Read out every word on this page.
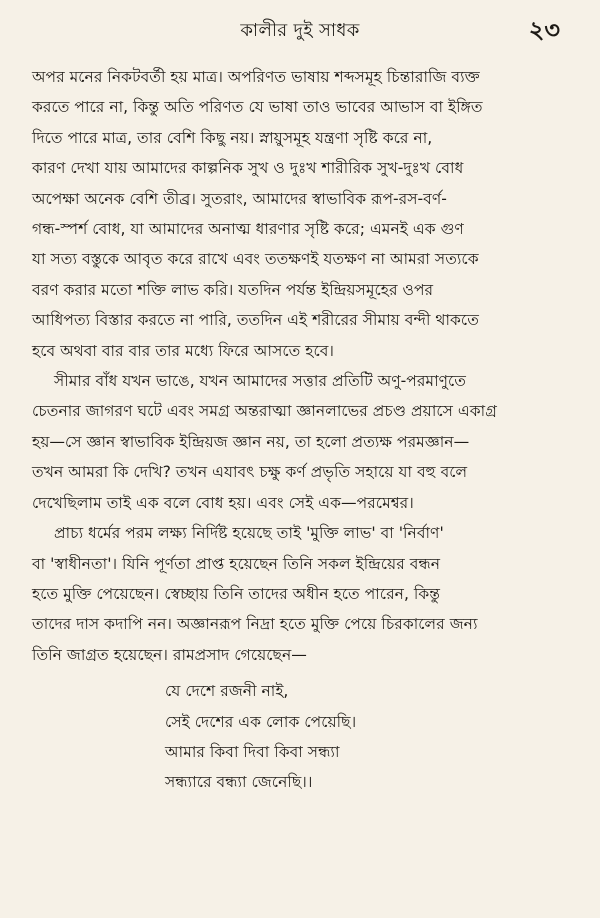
কালীর দুই সাধক	২৩

অপর মনের নিকটবর্তী হয় মাত্র। অপরিণত ভাষায় শব্দসমূহ চিন্তারাজি ব্যক্ত

করতে পারে না, কিন্তু অতি পরিণত যে ভাষা তাও ভাবের আভাস বা ইঙ্গিত

দিতে পারে মাত্র, তার বেশি কিছু নয়। স্নায়ুসমূহ যন্ত্রণা সৃষ্টি করে না,

কারণ দেখা যায় আমাদের কাল্পনিক সুখ ও দুঃখ শারীরিক সুখ-দুঃখ বোধ

অপেক্ষা অনেক বেশি তীব্র। সুতরাং, আমাদের স্বাভাবিক রূপ-রস-বর্ণ-

গন্ধ-স্পর্শ বোধ, যা আমাদের অনাত্ম ধারণার সৃষ্টি করে; এমনই এক গুণ

যা সত্য বস্তুকে আবৃত করে রাখে এবং ততক্ষণই যতক্ষণ না আমরা সত্যকে

বরণ করার মতো শক্তি লাভ করি। যতদিন পর্যন্ত ইন্দ্রিয়সমূহের ওপর

আধিপত্য বিস্তার করতে না পারি, ততদিন এই শরীরের সীমায় বন্দী থাকতে

হবে অথবা বার বার তার মধ্যে ফিরে আসতে হবে।

সীমার বাঁধ যখন ভাঙে, যখন আমাদের সত্তার প্রতিটি অণু-পরমাণুতে

চেতনার জাগরণ ঘটে এবং সমগ্র অন্তরাত্মা জ্ঞানলাভের প্রচণ্ড প্রয়াসে একাগ্র

হয়—সে জ্ঞান স্বাভাবিক ইন্দ্রিয়জ জ্ঞান নয়, তা হলো প্রত্যক্ষ পরমজ্ঞান—

তখন আমরা কি দেখি? তখন এযাবৎ চক্ষু কর্ণ প্রভৃতি সহায়ে যা বহু বলে

দেখেছিলাম তাই এক বলে বোধ হয়। এবং সেই এক—পরমেশ্বর।

প্রাচ্য ধর্মের পরম লক্ষ্য নির্দিষ্ট হয়েছে তাই 'মুক্তি লাভ' বা 'নির্বাণ'

বা 'স্বাধীনতা'। যিনি পূর্ণতা প্রাপ্ত হয়েছেন তিনি সকল ইন্দ্রিয়ের বন্ধন

হতে মুক্তি পেয়েছেন। স্বেচ্ছায় তিনি তাদের অধীন হতে পারেন, কিন্তু

তাদের দাস কদাপি নন। অজ্ঞানরূপ নিদ্রা হতে মুক্তি পেয়ে চিরকালের জন্য

তিনি জাগ্রত হয়েছেন। রামপ্রসাদ গেয়েছেন—

যে দেশে রজনী নাই,

সেই দেশের এক লোক পেয়েছি।

আমার কিবা দিবা কিবা সন্ধ্যা

সন্ধ্যারে বন্ধ্যা জেনেছি।।
